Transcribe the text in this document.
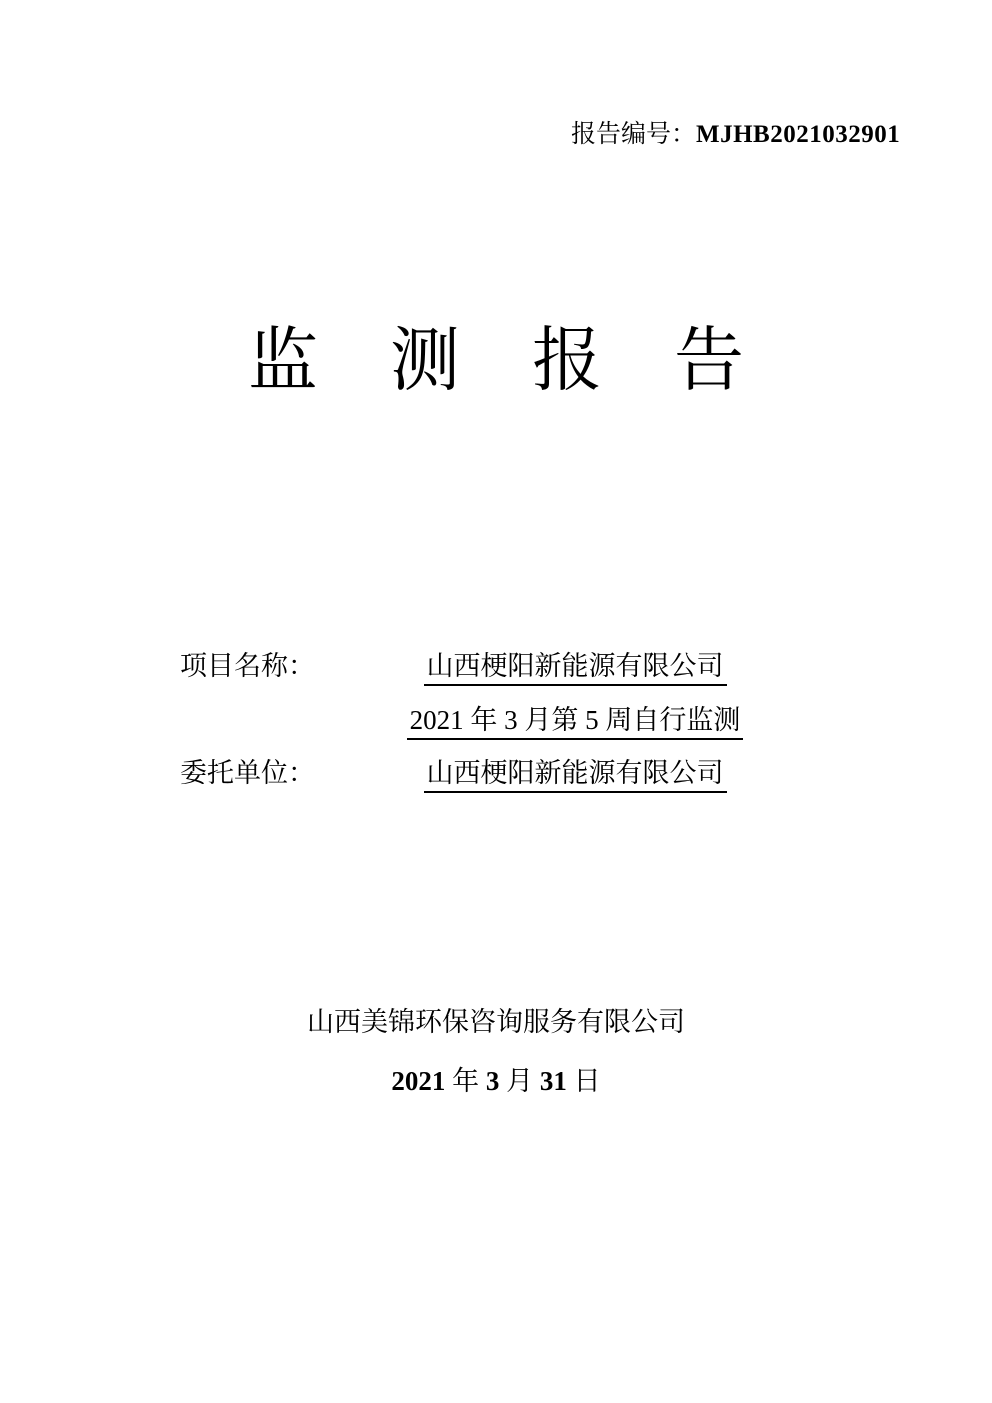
报告编号：MJHB2021032901
监测报告
项目名称：	山西梗阳新能源有限公司
2021 年 3 月第 5 周自行监测
委托单位：	山西梗阳新能源有限公司
山西美锦环保咨询服务有限公司
2021 年 3 月 31 日
